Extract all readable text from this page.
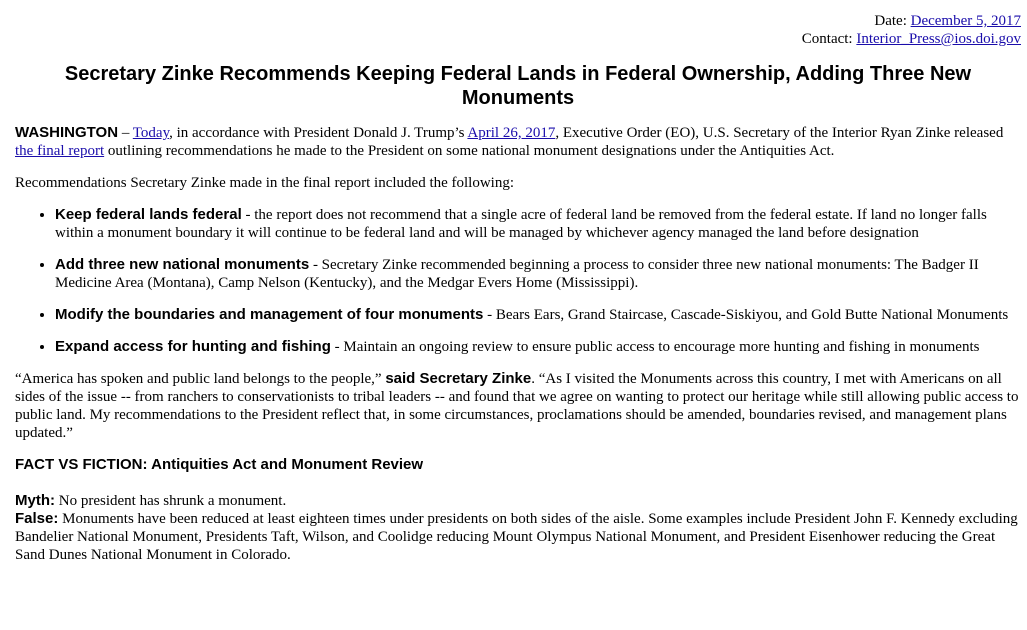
Date: December 5, 2017
Contact: Interior_Press@ios.doi.gov
Secretary Zinke Recommends Keeping Federal Lands in Federal Ownership, Adding Three New Monuments

WASHINGTON – Today, in accordance with President Donald J. Trump’s April 26, 2017, Executive Order (EO), U.S. Secretary of the Interior Ryan Zinke released the final report outlining recommendations he made to the President on some national monument designations under the Antiquities Act.

Recommendations Secretary Zinke made in the final report included the following:

• Keep federal lands federal - the report does not recommend that a single acre of federal land be removed from the federal estate. If land no longer falls within a monument boundary it will continue to be federal land and will be managed by whichever agency managed the land before designation
• Add three new national monuments - Secretary Zinke recommended beginning a process to consider three new national monuments: The Badger II Medicine Area (Montana), Camp Nelson (Kentucky), and the Medgar Evers Home (Mississippi).
• Modify the boundaries and management of four monuments - Bears Ears, Grand Staircase, Cascade-Siskiyou, and Gold Butte National Monuments
• Expand access for hunting and fishing - Maintain an ongoing review to ensure public access to encourage more hunting and fishing in monuments

“America has spoken and public land belongs to the people,” said Secretary Zinke. “As I visited the Monuments across this country, I met with Americans on all sides of the issue -- from ranchers to conservationists to tribal leaders -- and found that we agree on wanting to protect our heritage while still allowing public access to public land. My recommendations to the President reflect that, in some circumstances, proclamations should be amended, boundaries revised, and management plans updated.”

FACT VS FICTION: Antiquities Act and Monument Review

Myth: No president has shrunk a monument.

False: Monuments have been reduced at least eighteen times under presidents on both sides of the aisle. Some examples include President John F. Kennedy excluding Bandelier National Monument, Presidents Taft, Wilson, and Coolidge reducing Mount Olympus National Monument, and President Eisenhower reducing the Great Sand Dunes National Monument in Colorado.
